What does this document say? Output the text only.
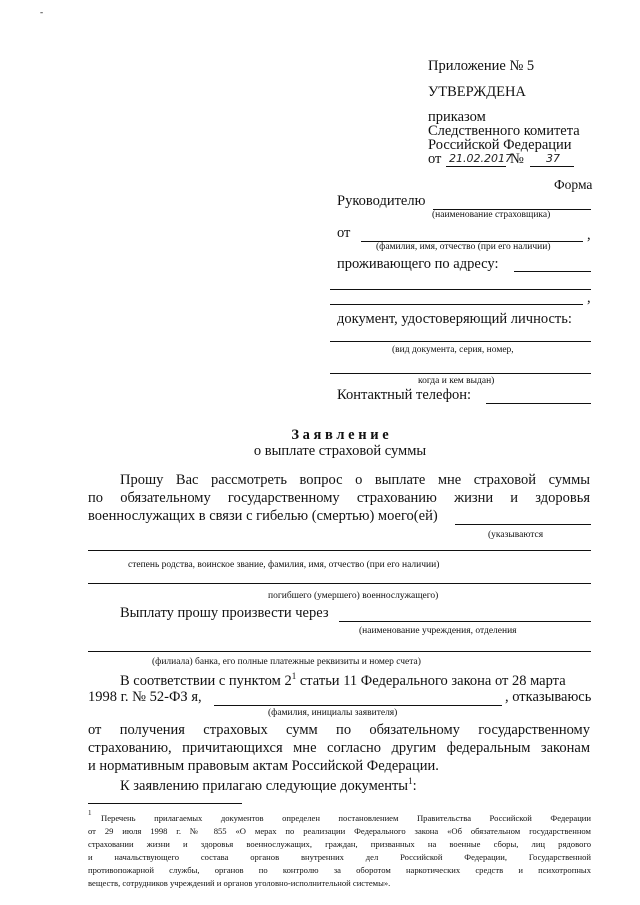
-
Приложение № 5
УТВЕРЖДЕНА
приказом
Следственного комитета
Российской Федерации
от 21.02.2017
№ 37
Форма
Руководителю
(наименование страховщика)
от	,
(фамилия, имя, отчество (при его наличии)
проживающего по адресу:
,
документ, удостоверяющий личность:
(вид документа, серия, номер,
когда и кем выдан)
Контактный телефон:
З а я в л е н и е
о выплате страховой суммы
Прошу Вас рассмотреть вопрос о выплате мне страховой суммы
по обязательному государственному страхованию жизни и здоровья
военнослужащих в связи с гибелью (смертью) моего(ей)
(указываются
степень родства, воинское звание, фамилия, имя, отчество (при его наличии)
погибшего (умершего) военнослужащего)
Выплату прошу произвести через
(наименование учреждения, отделения
(филиала) банка, его полные платежные реквизиты и номер счета)
В соответствии с пунктом $2^1$ статьи 11 Федерального закона от 28 марта
1998 г. № 52-ФЗ я,	, отказываюсь
(фамилия, инициалы заявителя)
от получения страховых сумм по обязательному государственному
страхованию, причитающихся мне согласно другим федеральным законам
и нормативным правовым актам Российской Федерации.
К заявлению прилагаю следующие документы$^1$:
1 Перечень прилагаемых документов определен постановлением Правительства Российской Федерации
от 29 июля 1998 г. № 855 «О мерах по реализации Федерального закона «Об обязательном государственном
страховании жизни и здоровья военнослужащих, граждан, призванных на военные сборы, лиц рядового
и начальствующего состава органов внутренних дел Российской Федерации, Государственной
противопожарной службы, органов по контролю за оборотом наркотических средств и психотропных
веществ, сотрудников учреждений и органов уголовно-исполнительной системы».
